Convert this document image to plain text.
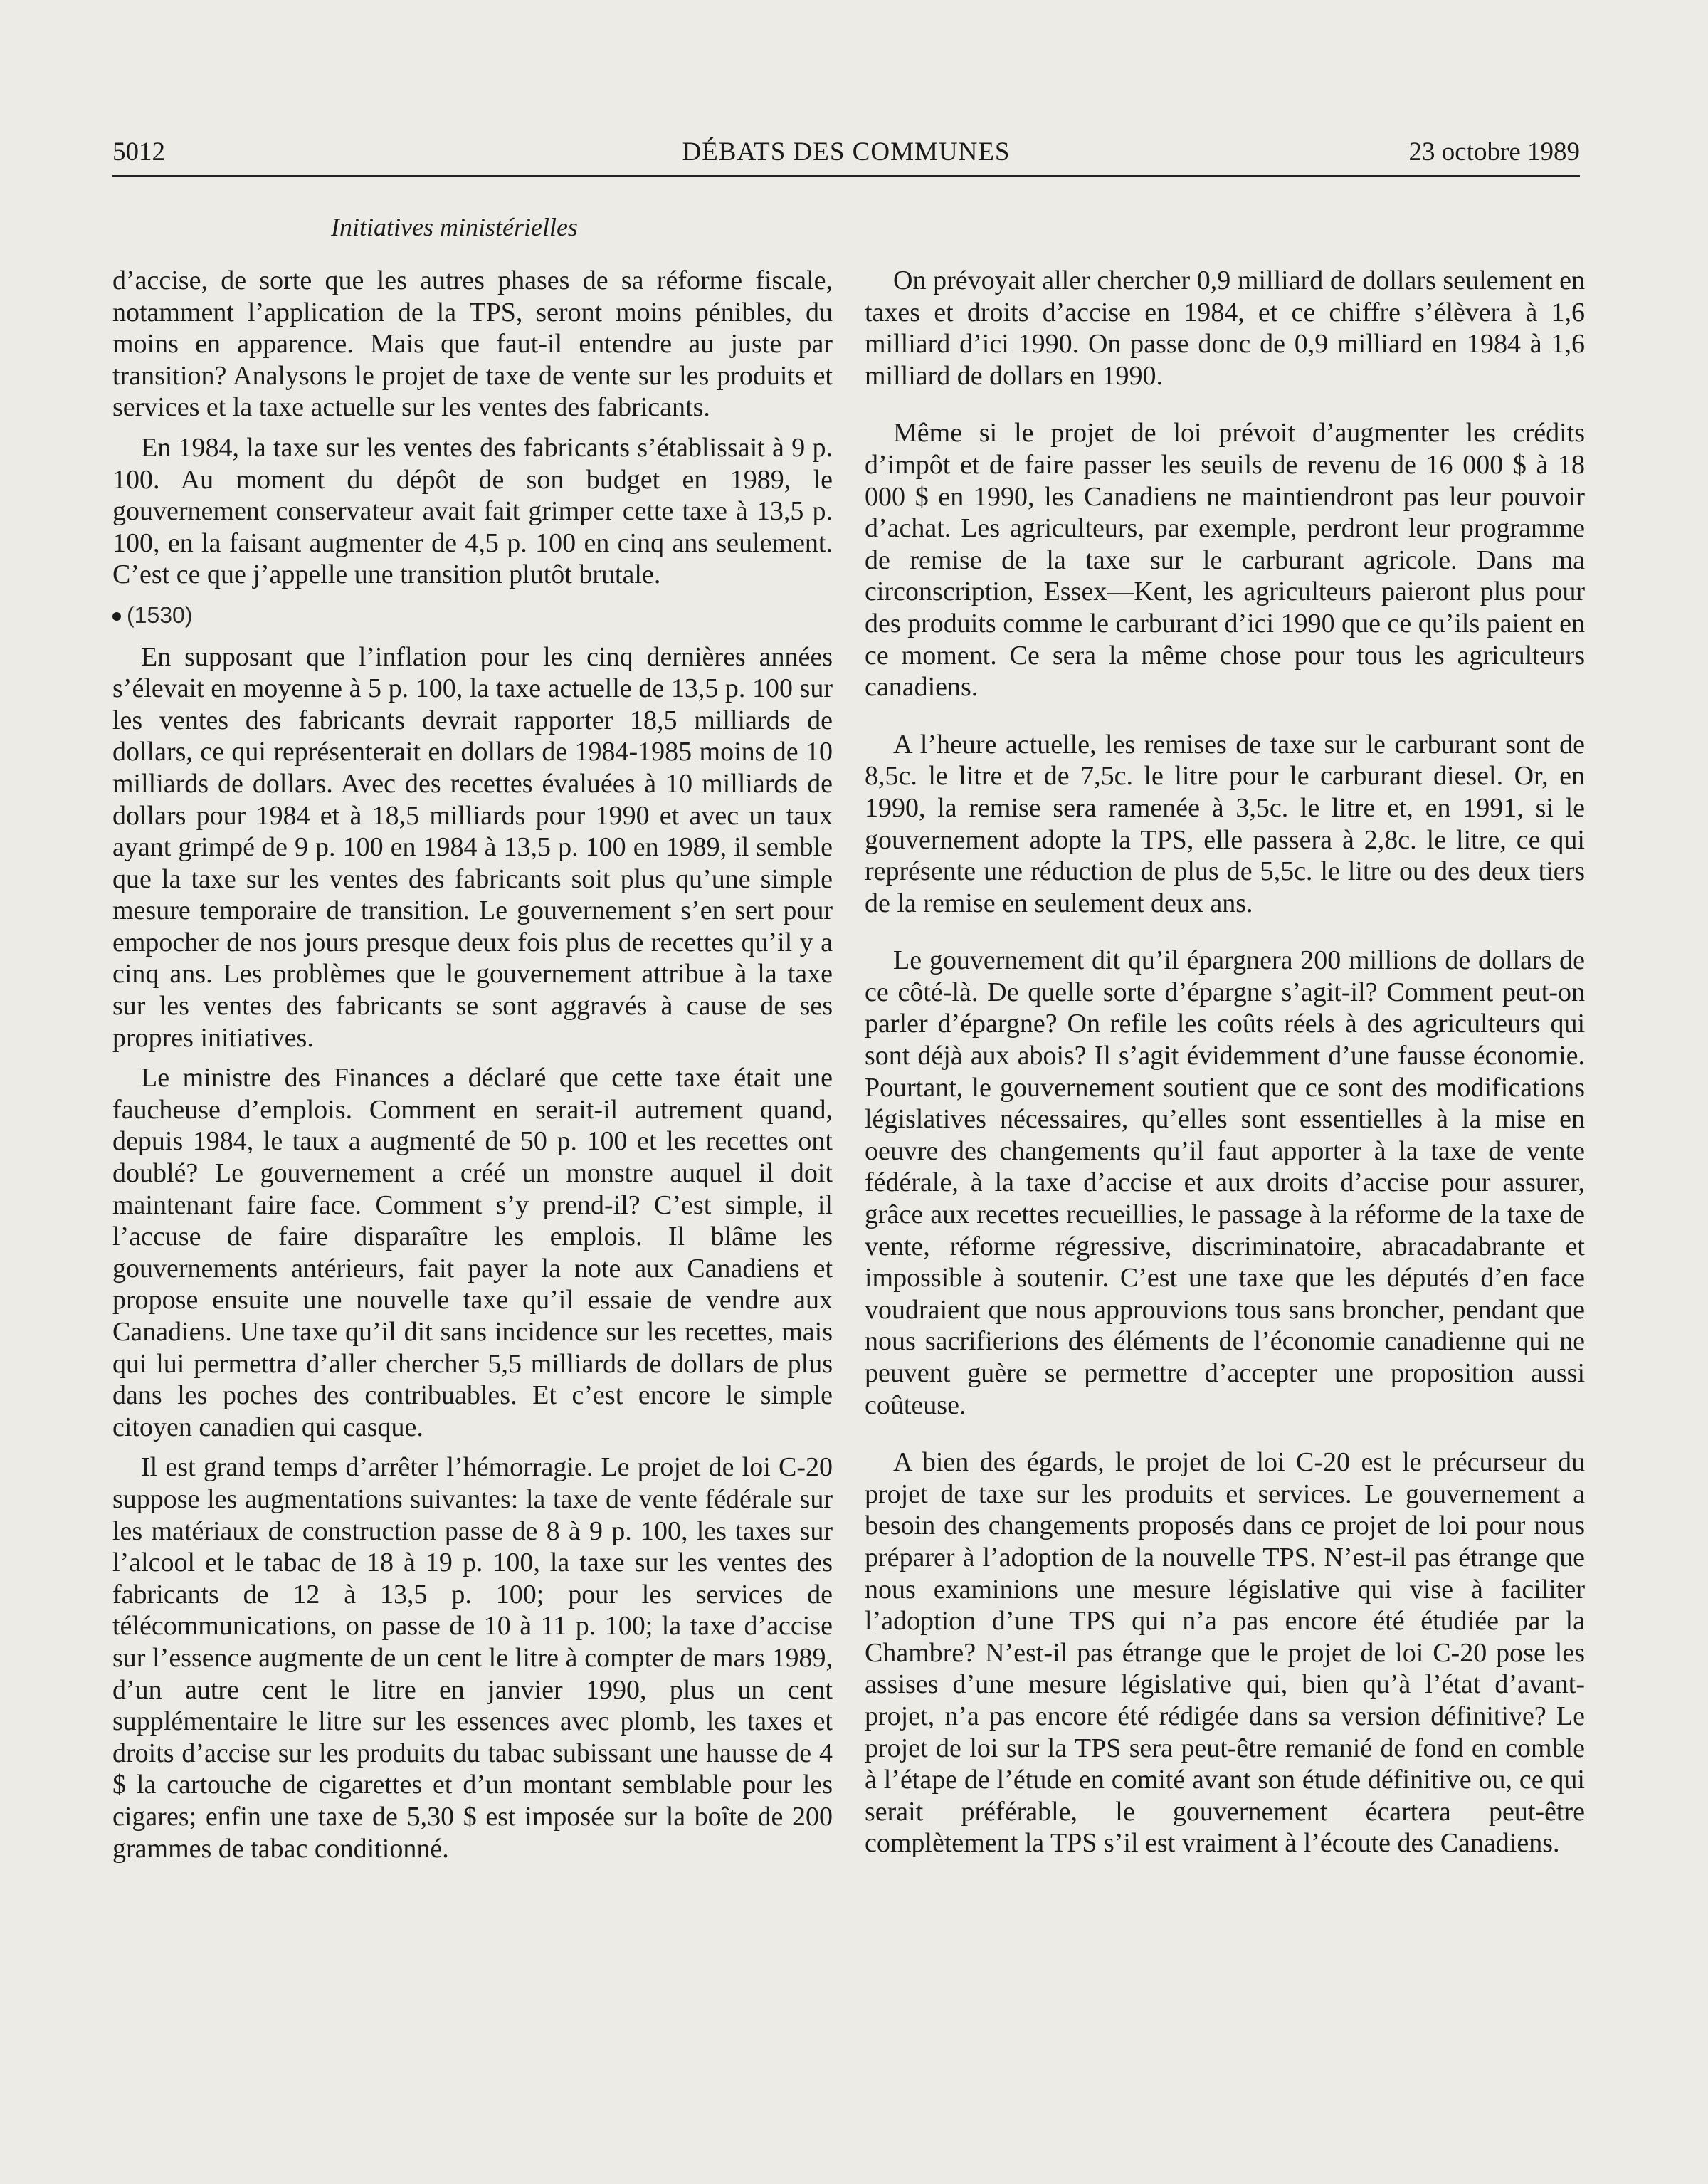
5012	DÉBATS DES COMMUNES	23 octobre 1989
Initiatives ministérielles

d’accise, de sorte que les autres phases de sa réforme fiscale, notamment l’application de la TPS, seront moins pénibles, du moins en apparence. Mais que faut-il entendre au juste par transition? Analysons le projet de taxe de vente sur les produits et services et la taxe actuelle sur les ventes des fabricants.

En 1984, la taxe sur les ventes des fabricants s’établissait à 9 p. 100. Au moment du dépôt de son budget en 1989, le gouvernement conservateur avait fait grimper cette taxe à 13,5 p. 100, en la faisant augmenter de 4,5 p. 100 en cinq ans seulement. C’est ce que j’appelle une transition plutôt brutale.

(1530)

En supposant que l’inflation pour les cinq dernières années s’élevait en moyenne à 5 p. 100, la taxe actuelle de 13,5 p. 100 sur les ventes des fabricants devrait rapporter 18,5 milliards de dollars, ce qui représenterait en dollars de 1984-1985 moins de 10 milliards de dollars. Avec des recettes évaluées à 10 milliards de dollars pour 1984 et à 18,5 milliards pour 1990 et avec un taux ayant grimpé de 9 p. 100 en 1984 à 13,5 p. 100 en 1989, il semble que la taxe sur les ventes des fabricants soit plus qu’une simple mesure temporaire de transition. Le gouvernement s’en sert pour empocher de nos jours presque deux fois plus de recettes qu’il y a cinq ans. Les problèmes que le gouvernement attribue à la taxe sur les ventes des fabricants se sont aggravés à cause de ses propres initiatives.

Le ministre des Finances a déclaré que cette taxe était une faucheuse d’emplois. Comment en serait-il autrement quand, depuis 1984, le taux a augmenté de 50 p. 100 et les recettes ont doublé? Le gouvernement a créé un monstre auquel il doit maintenant faire face. Comment s’y prend-il? C’est simple, il l’accuse de faire disparaître les emplois. Il blâme les gouvernements antérieurs, fait payer la note aux Canadiens et propose ensuite une nouvelle taxe qu’il essaie de vendre aux Canadiens. Une taxe qu’il dit sans incidence sur les recettes, mais qui lui permettra d’aller chercher 5,5 milliards de dollars de plus dans les poches des contribuables. Et c’est encore le simple citoyen canadien qui casque.

Il est grand temps d’arrêter l’hémorragie. Le projet de loi C-20 suppose les augmentations suivantes: la taxe de vente fédérale sur les matériaux de construction passe de 8 à 9 p. 100, les taxes sur l’alcool et le tabac de 18 à 19 p. 100, la taxe sur les ventes des fabricants de 12 à 13,5 p. 100; pour les services de télécommunications, on passe de 10 à 11 p. 100; la taxe d’accise sur l’essence augmente de un cent le litre à compter de mars 1989, d’un autre cent le litre en janvier 1990, plus un cent supplémentaire le litre sur les essences avec plomb, les taxes et droits d’accise sur les produits du tabac subissant une hausse de 4 $ la cartouche de cigarettes et d’un montant semblable pour les cigares; enfin une taxe de 5,30 $ est imposée sur la boîte de 200 grammes de tabac conditionné.

On prévoyait aller chercher 0,9 milliard de dollars seulement en taxes et droits d’accise en 1984, et ce chiffre s’élèvera à 1,6 milliard d’ici 1990. On passe donc de 0,9 milliard en 1984 à 1,6 milliard de dollars en 1990.

Même si le projet de loi prévoit d’augmenter les crédits d’impôt et de faire passer les seuils de revenu de 16 000 $ à 18 000 $ en 1990, les Canadiens ne maintiendront pas leur pouvoir d’achat. Les agriculteurs, par exemple, perdront leur programme de remise de la taxe sur le carburant agricole. Dans ma circonscription, Essex—Kent, les agriculteurs paieront plus pour des produits comme le carburant d’ici 1990 que ce qu’ils paient en ce moment. Ce sera la même chose pour tous les agriculteurs canadiens.

A l’heure actuelle, les remises de taxe sur le carburant sont de 8,5c. le litre et de 7,5c. le litre pour le carburant diesel. Or, en 1990, la remise sera ramenée à 3,5c. le litre et, en 1991, si le gouvernement adopte la TPS, elle passera à 2,8c. le litre, ce qui représente une réduction de plus de 5,5c. le litre ou des deux tiers de la remise en seulement deux ans.

Le gouvernement dit qu’il épargnera 200 millions de dollars de ce côté-là. De quelle sorte d’épargne s’agit-il? Comment peut-on parler d’épargne? On refile les coûts réels à des agriculteurs qui sont déjà aux abois? Il s’agit évidemment d’une fausse économie. Pourtant, le gouvernement soutient que ce sont des modifications législatives nécessaires, qu’elles sont essentielles à la mise en oeuvre des changements qu’il faut apporter à la taxe de vente fédérale, à la taxe d’accise et aux droits d’accise pour assurer, grâce aux recettes recueillies, le passage à la réforme de la taxe de vente, réforme régressive, discriminatoire, abracadabrante et impossible à soutenir. C’est une taxe que les députés d’en face voudraient que nous approuvions tous sans broncher, pendant que nous sacrifierions des éléments de l’économie canadienne qui ne peuvent guère se permettre d’accepter une proposition aussi coûteuse.

A bien des égards, le projet de loi C-20 est le précurseur du projet de taxe sur les produits et services. Le gouvernement a besoin des changements proposés dans ce projet de loi pour nous préparer à l’adoption de la nouvelle TPS. N’est-il pas étrange que nous examinions une mesure législative qui vise à faciliter l’adoption d’une TPS qui n’a pas encore été étudiée par la Chambre? N’est-il pas étrange que le projet de loi C-20 pose les assises d’une mesure législative qui, bien qu’à l’état d’avant-projet, n’a pas encore été rédigée dans sa version définitive? Le projet de loi sur la TPS sera peut-être remanié de fond en comble à l’étape de l’étude en comité avant son étude définitive ou, ce qui serait préférable, le gouvernement écartera peut-être complètement la TPS s’il est vraiment à l’écoute des Canadiens.
